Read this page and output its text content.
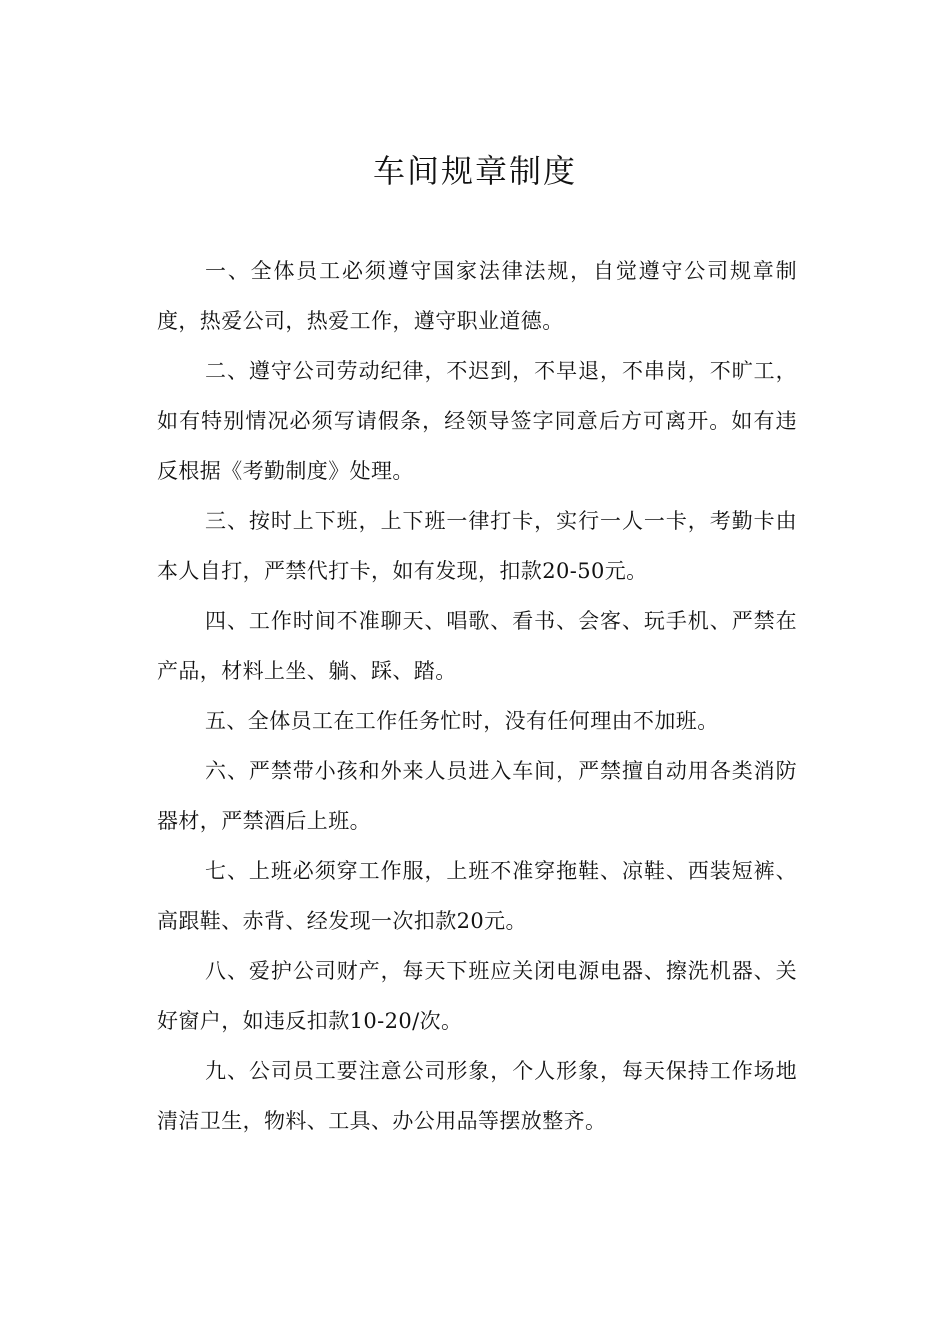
车间规章制度

一、全体员工必须遵守国家法律法规，自觉遵守公司规章制度，热爱公司，热爱工作，遵守职业道德。

二、遵守公司劳动纪律，不迟到，不早退，不串岗，不旷工，如有特别情况必须写请假条，经领导签字同意后方可离开。如有违反根据《考勤制度》处理。

三、按时上下班，上下班一律打卡，实行一人一卡，考勤卡由本人自打，严禁代打卡，如有发现，扣款20-50元。

四、工作时间不准聊天、唱歌、看书、会客、玩手机、严禁在产品，材料上坐、躺、踩、踏。

五、全体员工在工作任务忙时，没有任何理由不加班。

六、严禁带小孩和外来人员进入车间，严禁擅自动用各类消防器材，严禁酒后上班。

七、上班必须穿工作服，上班不准穿拖鞋、凉鞋、西装短裤、高跟鞋、赤背、经发现一次扣款20元。

八、爱护公司财产，每天下班应关闭电源电器、擦洗机器、关好窗户，如违反扣款10-20/次。

九、公司员工要注意公司形象，个人形象，每天保持工作场地清洁卫生，物料、工具、办公用品等摆放整齐。
